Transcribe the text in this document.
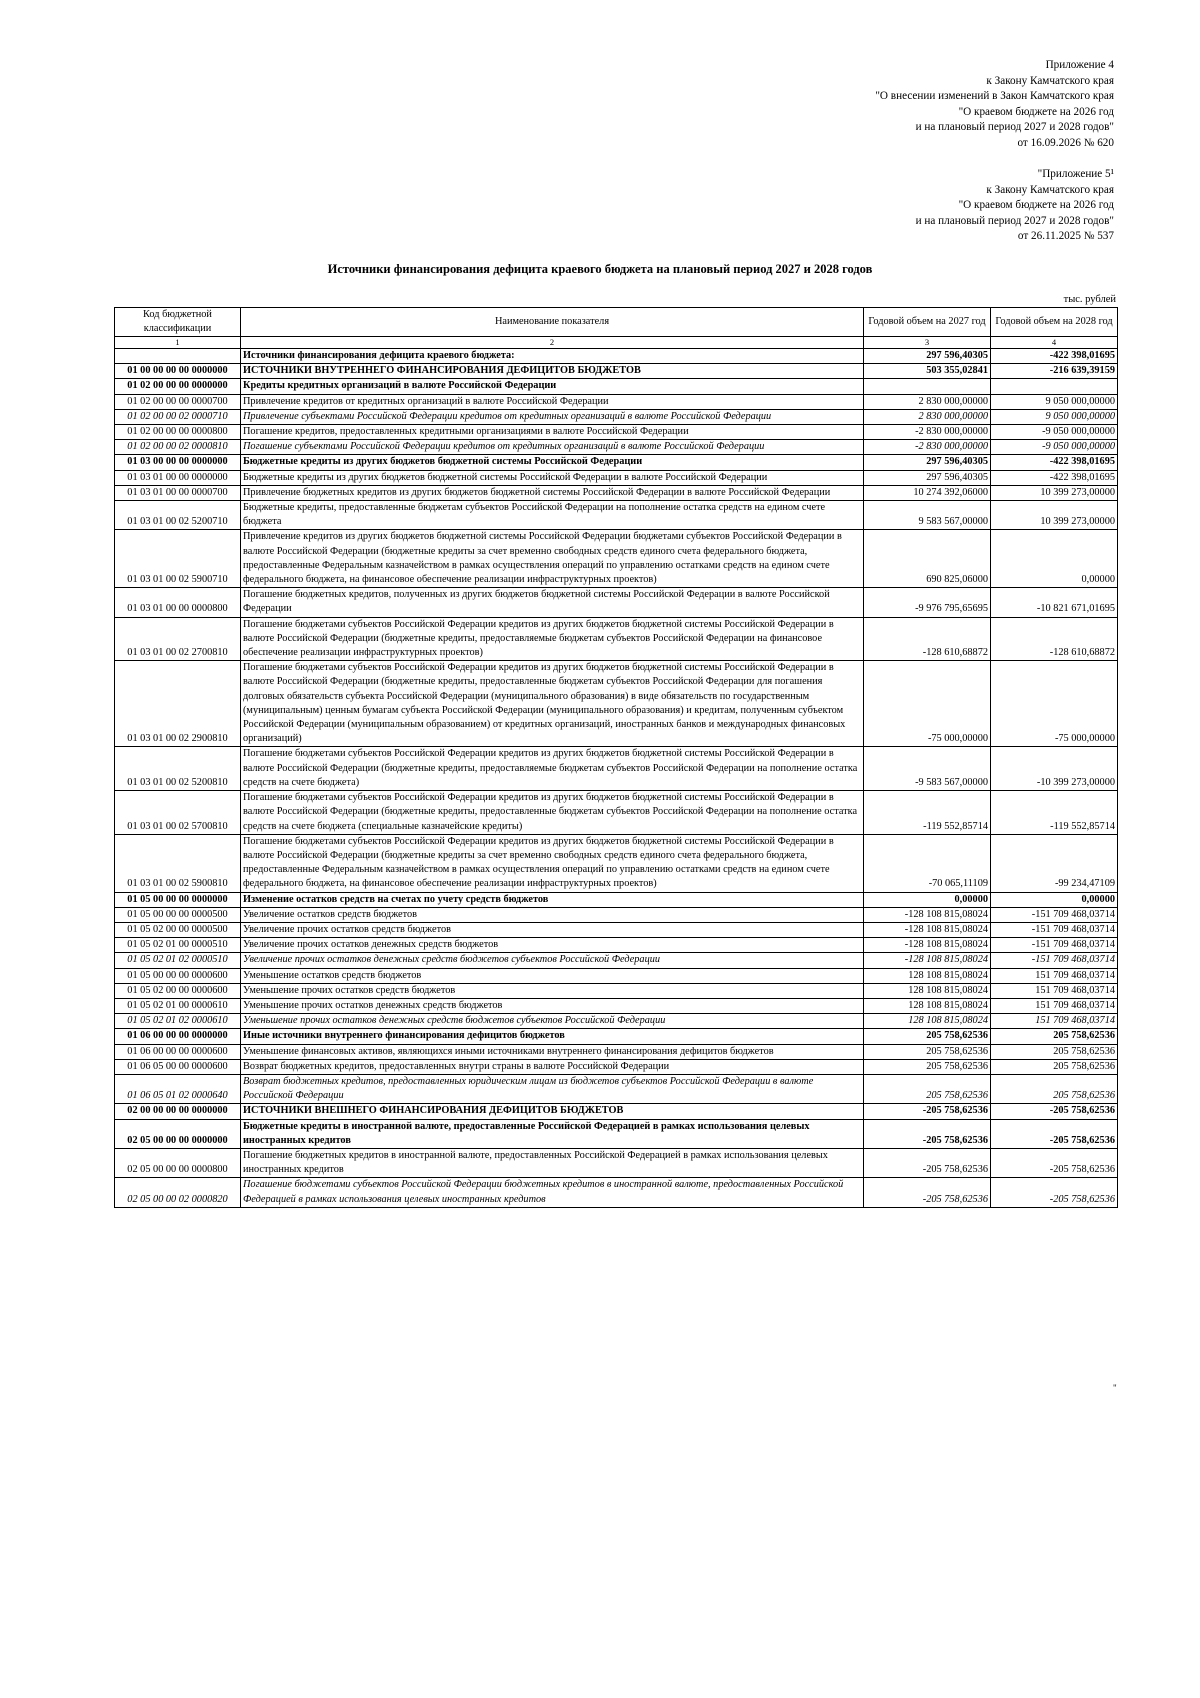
Приложение 4
к Закону Камчатского края
"О внесении изменений в Закон Камчатского края
"О краевом бюджете на 2026 год
и на плановый период 2027 и 2028 годов"
от 16.09.2026 № 620
"Приложение 5¹
к Закону Камчатского края
"О краевом бюджете на 2026 год
и на плановый период 2027 и 2028 годов"
от 26.11.2025 № 537
Источники финансирования дефицита краевого бюджета на плановый период 2027 и 2028 годов
тыс. рублей
Код бюджетной классификации	Наименование показателя	Годовой объем на 2027 год	Годовой объем на 2028 год
1	2	3	4
	Источники финансирования дефицита краевого бюджета:	297 596,40305	-422 398,01695
01 00 00 00 00 0000000	ИСТОЧНИКИ ВНУТРЕННЕГО ФИНАНСИРОВАНИЯ ДЕФИЦИТОВ БЮДЖЕТОВ	503 355,02841	-216 639,39159
01 02 00 00 00 0000000	Кредиты кредитных организаций в валюте Российской Федерации		
01 02 00 00 00 0000700	Привлечение кредитов от кредитных организаций в валюте Российской Федерации	2 830 000,00000	9 050 000,00000
01 02 00 00 02 0000710	Привлечение субъектами Российской Федерации кредитов от кредитных организаций в валюте Российской Федерации	2 830 000,00000	9 050 000,00000
01 02 00 00 00 0000800	Погашение кредитов, предоставленных кредитными организациями в валюте Российской Федерации	-2 830 000,00000	-9 050 000,00000
01 02 00 00 02 0000810	Погашение субъектами Российской Федерации кредитов от кредитных организаций в валюте Российской Федерации	-2 830 000,00000	-9 050 000,00000
01 03 00 00 00 0000000	Бюджетные кредиты из других бюджетов бюджетной системы Российской Федерации	297 596,40305	-422 398,01695
01 03 01 00 00 0000000	Бюджетные кредиты из других бюджетов бюджетной системы Российской Федерации в валюте Российской Федерации	297 596,40305	-422 398,01695
01 03 01 00 00 0000700	Привлечение бюджетных кредитов из других бюджетов бюджетной системы Российской Федерации в валюте Российской Федерации	10 274 392,06000	10 399 273,00000
01 03 01 00 02 5200710	Бюджетные кредиты, предоставленные бюджетам субъектов Российской Федерации на пополнение остатка средств на едином счете бюджета	9 583 567,00000	10 399 273,00000
01 03 01 00 02 5900710	Привлечение кредитов из других бюджетов бюджетной системы Российской Федерации бюджетами субъектов Российской Федерации в валюте Российской Федерации (бюджетные кредиты за счет временно свободных средств единого счета федерального бюджета, предоставленные Федеральным казначейством в рамках осуществления операций по управлению остатками средств на едином счете федерального бюджета, на финансовое обеспечение реализации инфраструктурных проектов)	690 825,06000	0,00000
01 03 01 00 00 0000800	Погашение бюджетных кредитов, полученных из других бюджетов бюджетной системы Российской Федерации в валюте Российской Федерации	-9 976 795,65695	-10 821 671,01695
01 03 01 00 02 2700810	Погашение бюджетами субъектов Российской Федерации кредитов из других бюджетов бюджетной системы Российской Федерации в валюте Российской Федерации (бюджетные кредиты, предоставляемые бюджетам субъектов Российской Федерации на финансовое обеспечение реализации инфраструктурных проектов)	-128 610,68872	-128 610,68872
01 03 01 00 02 2900810	Погашение бюджетами субъектов Российской Федерации кредитов из других бюджетов бюджетной системы Российской Федерации в валюте Российской Федерации (бюджетные кредиты, предоставленные бюджетам субъектов Российской Федерации для погашения долговых обязательств субъекта Российской Федерации (муниципального образования) в виде обязательств по государственным (муниципальным) ценным бумагам субъекта Российской Федерации (муниципального образования) и кредитам, полученным субъектом Российской Федерации (муниципальным образованием) от кредитных организаций, иностранных банков и международных финансовых организаций)	-75 000,00000	-75 000,00000
01 03 01 00 02 5200810	Погашение бюджетами субъектов Российской Федерации кредитов из других бюджетов бюджетной системы Российской Федерации в валюте Российской Федерации (бюджетные кредиты, предоставляемые бюджетам субъектов Российской Федерации на пополнение остатка средств на счете бюджета)	-9 583 567,00000	-10 399 273,00000
01 03 01 00 02 5700810	Погашение бюджетами субъектов Российской Федерации кредитов из других бюджетов бюджетной системы Российской Федерации в валюте Российской Федерации (бюджетные кредиты, предоставленные бюджетам субъектов Российской Федерации на пополнение остатка средств на счете бюджета (специальные казначейские кредиты)	-119 552,85714	-119 552,85714
01 03 01 00 02 5900810	Погашение бюджетами субъектов Российской Федерации кредитов из других бюджетов бюджетной системы Российской Федерации в валюте Российской Федерации (бюджетные кредиты за счет временно свободных средств единого счета федерального бюджета, предоставленные Федеральным казначейством в рамках осуществления операций по управлению остатками средств на едином счете федерального бюджета, на финансовое обеспечение реализации инфраструктурных проектов)	-70 065,11109	-99 234,47109
01 05 00 00 00 0000000	Изменение остатков средств на счетах по учету средств бюджетов	0,00000	0,00000
01 05 00 00 00 0000500	Увеличение остатков средств бюджетов	-128 108 815,08024	-151 709 468,03714
01 05 02 00 00 0000500	Увеличение прочих остатков средств бюджетов	-128 108 815,08024	-151 709 468,03714
01 05 02 01 00 0000510	Увеличение прочих остатков денежных средств бюджетов	-128 108 815,08024	-151 709 468,03714
01 05 02 01 02 0000510	Увеличение прочих остатков денежных средств бюджетов субъектов Российской Федерации	-128 108 815,08024	-151 709 468,03714
01 05 00 00 00 0000600	Уменьшение остатков средств бюджетов	128 108 815,08024	151 709 468,03714
01 05 02 00 00 0000600	Уменьшение прочих остатков средств бюджетов	128 108 815,08024	151 709 468,03714
01 05 02 01 00 0000610	Уменьшение прочих остатков денежных средств бюджетов	128 108 815,08024	151 709 468,03714
01 05 02 01 02 0000610	Уменьшение прочих остатков денежных средств бюджетов субъектов Российской Федерации	128 108 815,08024	151 709 468,03714
01 06 00 00 00 0000000	Иные источники внутреннего финансирования дефицитов бюджетов	205 758,62536	205 758,62536
01 06 00 00 00 0000600	Уменьшение финансовых активов, являющихся иными источниками внутреннего финансирования дефицитов бюджетов	205 758,62536	205 758,62536
01 06 05 00 00 0000600	Возврат бюджетных кредитов, предоставленных внутри страны в валюте Российской Федерации	205 758,62536	205 758,62536
01 06 05 01 02 0000640	Возврат бюджетных кредитов, предоставленных юридическим лицам из бюджетов субъектов Российской Федерации в валюте Российской Федерации	205 758,62536	205 758,62536
02 00 00 00 00 0000000	ИСТОЧНИКИ ВНЕШНЕГО ФИНАНСИРОВАНИЯ ДЕФИЦИТОВ БЮДЖЕТОВ	-205 758,62536	-205 758,62536
02 05 00 00 00 0000000	Бюджетные кредиты в иностранной валюте, предоставленные Российской Федерацией в рамках использования целевых иностранных кредитов	-205 758,62536	-205 758,62536
02 05 00 00 00 0000800	Погашение бюджетных кредитов в иностранной валюте, предоставленных Российской Федерацией в рамках использования целевых иностранных кредитов	-205 758,62536	-205 758,62536
02 05 00 00 02 0000820	Погашение бюджетами субъектов Российской Федерации бюджетных кредитов в иностранной валюте, предоставленных Российской Федерацией в рамках использования целевых иностранных кредитов	-205 758,62536	-205 758,62536
"
